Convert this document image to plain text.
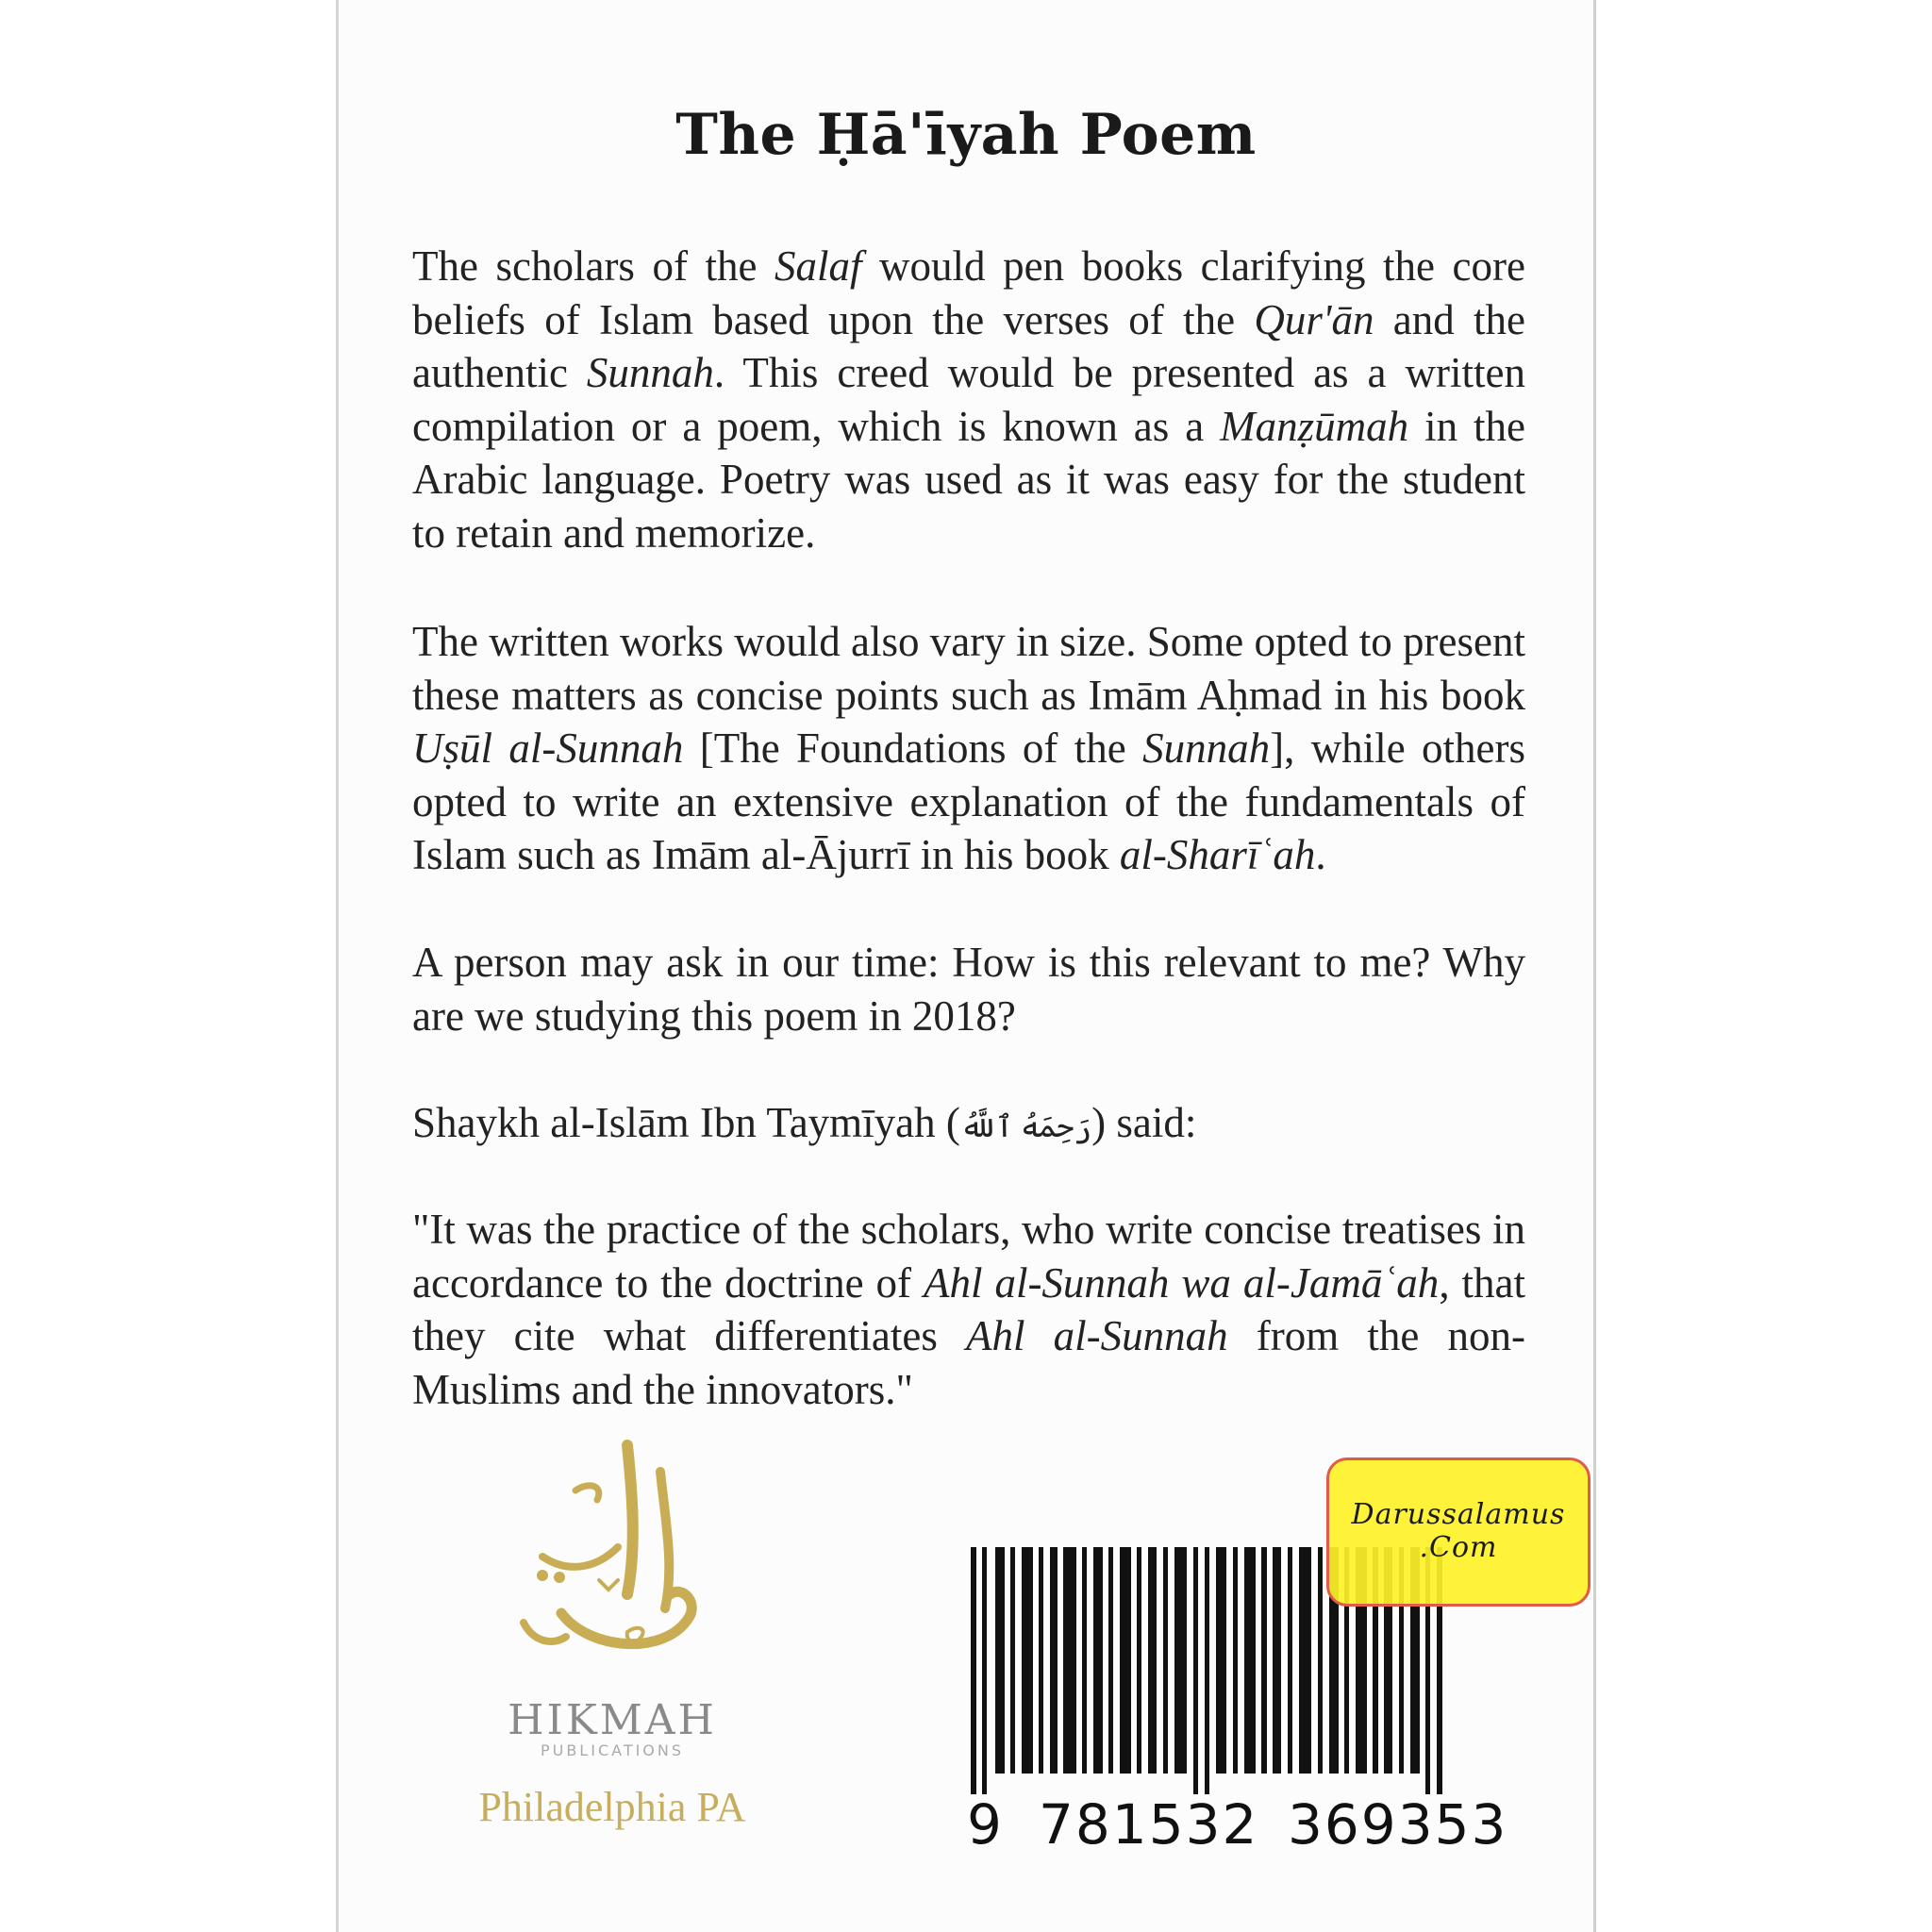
The Ḥā'īyah Poem

The scholars of the Salaf would pen books clarifying the core beliefs of Islam based upon the verses of the Qur'ān and the authentic Sunnah. This creed would be presented as a written compilation or a poem, which is known as a Manẓūmah in the Arabic language. Poetry was used as it was easy for the student to retain and memorize.

The written works would also vary in size. Some opted to present these matters as concise points such as Imām Aḥmad in his book Uṣūl al-Sunnah [The Foundations of the Sunnah], while others opted to write an extensive explanation of the fundamentals of Islam such as Imām al-Ājurrī in his book al-Sharīʿah.

A person may ask in our time: How is this relevant to me? Why are we studying this poem in 2018?

Shaykh al-Islām Ibn Taymīyah (رَحِمَهُ ٱللَّهُ) said:

"It was the practice of the scholars, who write concise treatises in accordance to the doctrine of Ahl al-Sunnah wa al-Jamāʿah, that they cite what differentiates Ahl al-Sunnah from the non-Muslims and the innovators."

HIKMAH
PUBLICATIONS
Philadelphia PA	9 781532 369353
Darussalamus
.Com
